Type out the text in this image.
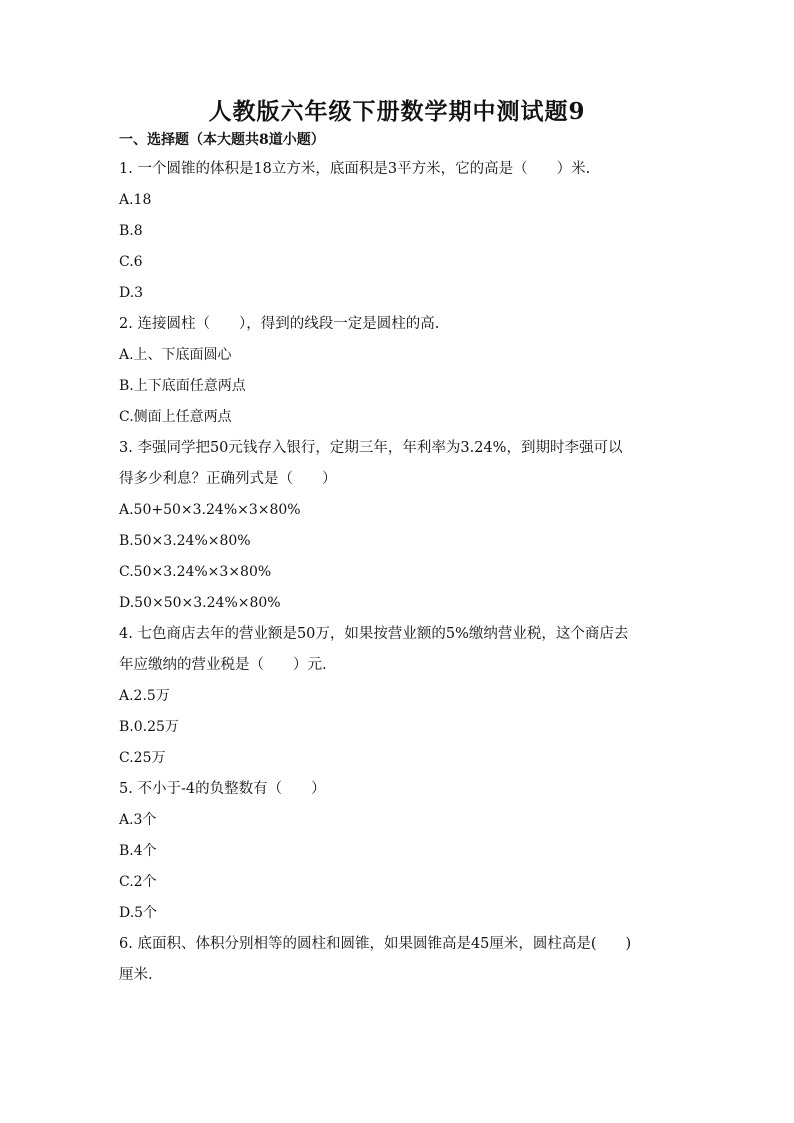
人教版六年级下册数学期中测试题9
一、选择题（本大题共8道小题）
1. 一个圆锥的体积是18立方米，底面积是3平方米，它的高是（　　）米.
A.18
B.8
C.6
D.3
2. 连接圆柱（　　），得到的线段一定是圆柱的高.
A.上、下底面圆心
B.上下底面任意两点
C.侧面上任意两点
3. 李强同学把50元钱存入银行，定期三年，年利率为3.24%，到期时李强可以
得多少利息？正确列式是（　　）
A.50+50×3.24%×3×80%
B.50×3.24%×80%
C.50×3.24%×3×80%
D.50×50×3.24%×80%
4. 七色商店去年的营业额是50万，如果按营业额的5%缴纳营业税，这个商店去
年应缴纳的营业税是（　　）元.
A.2.5万
B.0.25万
C.25万
5. 不小于-4的负整数有（　　）
A.3个
B.4个
C.2个
D.5个
6. 底面积、体积分别相等的圆柱和圆锥，如果圆锥高是45厘米，圆柱高是(　　)
厘米.
